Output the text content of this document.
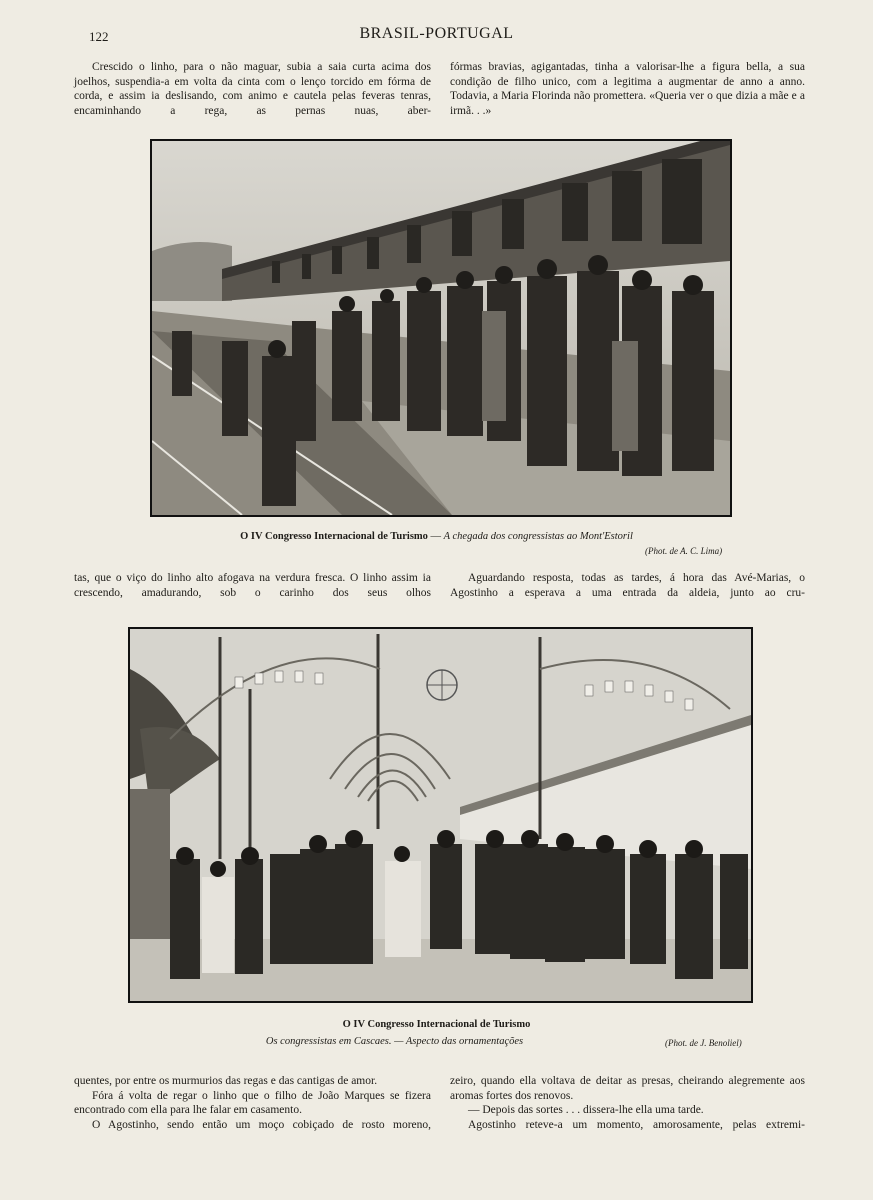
122	BRASIL-PORTUGAL

Crescido o linho, para o não maguar, subia a saia curta acima dos joelhos, suspendia-a em volta da cinta com o lenço torcido em fórma de corda, e assim ia deslisando, com animo e cautela pelas feveras tenras, encaminhando a rega, as pernas nuas, aber-

fórmas bravias, agigantadas, tinha a valorisar-lhe a figura bella, a sua condição de filho unico, com a legitima a augmentar de anno a anno. Todavia, a Maria Florinda não promettera. «Queria ver o que dizia a mãe e a irmã. . .»

O IV Congresso Internacional de Turismo — A chegada dos congressistas ao Mont'Estoril
(Phot. de A. C. Lima)

tas, que o viço do linho alto afogava na verdura fresca. O linho assim ia crescendo, amadurando, sob o carinho dos seus olhos

Aguardando resposta, todas as tardes, á hora das Avé-Marias, o Agostinho a esperava a uma entrada da aldeia, junto ao cru-

O IV Congresso Internacional de Turismo
Os congressistas em Cascaes. — Aspecto das ornamentações	(Phot. de J. Benoliel)

quentes, por entre os murmurios das regas e das cantigas de amor.

Fóra á volta de regar o linho que o filho de João Marques se fizera encontrado com ella para lhe falar em casamento.

O Agostinho, sendo então um moço cobiçado de rosto moreno,

zeiro, quando ella voltava de deitar as presas, cheirando alegremente aos aromas fortes dos renovos.

— Depois das sortes . . . dissera-lhe ella uma tarde.

Agostinho reteve-a um momento, amorosamente, pelas extremi-
